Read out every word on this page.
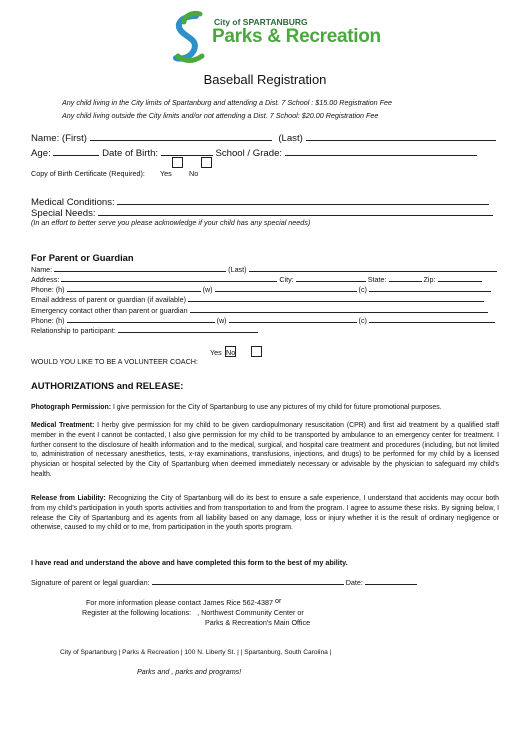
City of SPARTANBURG
Parks & Recreation
Baseball Registration
Any child living in the City limits of Spartanburg and attending a Dist. 7 School : $15.00 Registration Fee
Any child living outside the City limits and/or not attending a Dist. 7 School: $20.00 Registration Fee
Name: (First)	(Last)
Age:	Date of Birth:	School / Grade:
Copy of Birth Certificate (Required): Yes No
Medical Conditions:
Special Needs:
(In an effort to better serve you please acknowledge if your child has any special needs)
For Parent or Guardian
Name:	(Last)
Address:	City:	State:	Zip:
Phone: (h)	(w)	(c)
Email address of parent or guardian (if available)
Emergency contact other than parent or guardian
Phone: (h)	(w)	(c)
Relationship to participant:
Yes No
WOULD YOU LIKE TO BE A VOLUNTEER COACH:
AUTHORIZATIONS and RELEASE:
Photograph Permission: I give permission for the City of Spartanburg to use any pictures of my child for future promotional purposes.
Medical Treatment: I herby give permission for my child to be given cardiopulmonary resuscitation (CPR) and first aid treatment by a qualified staff member in the event I cannot be contacted, I also give permission for my child to be transported by ambulance to an emergency center for treatment. I further consent to the disclosure of health information and to the medical, surgical, and hospital care treatment and procedures (including, but not limited to, administration of necessary anesthetics, tests, x-ray examinations, transfusions, injections, and drugs) to be performed for my child by a licensed physician or hospital selected by the City of Spartanburg when deemed immediately necessary or advisable by the physician to safeguard my child's health.
Release from Liability: Recognizing the City of Spartanburg will do its best to ensure a safe experience, I understand that accidents may occur both from my child's participation in youth sports activities and from transportation to and from the program. I agree to assume these risks. By signing below, I release the City of Spartanburg and its agents from all liability based on any damage, loss or injury whether it is the result of ordinary negligence or otherwise, caused to my child or to me, from participation in the youth sports program.
I have read and understand the above and have completed this form to the best of my ability.
Signature of parent or legal guardian:	Date:
For more information please contact James Rice 562-4387 or
Register at the following locations: , Northwest Community Center or
Parks & Recreation's Main Office
City of Spartanburg | Parks & Recreation | 100 N. Liberty St. | | Spartanburg, South Carolina |
Parks and , parks and programs!
